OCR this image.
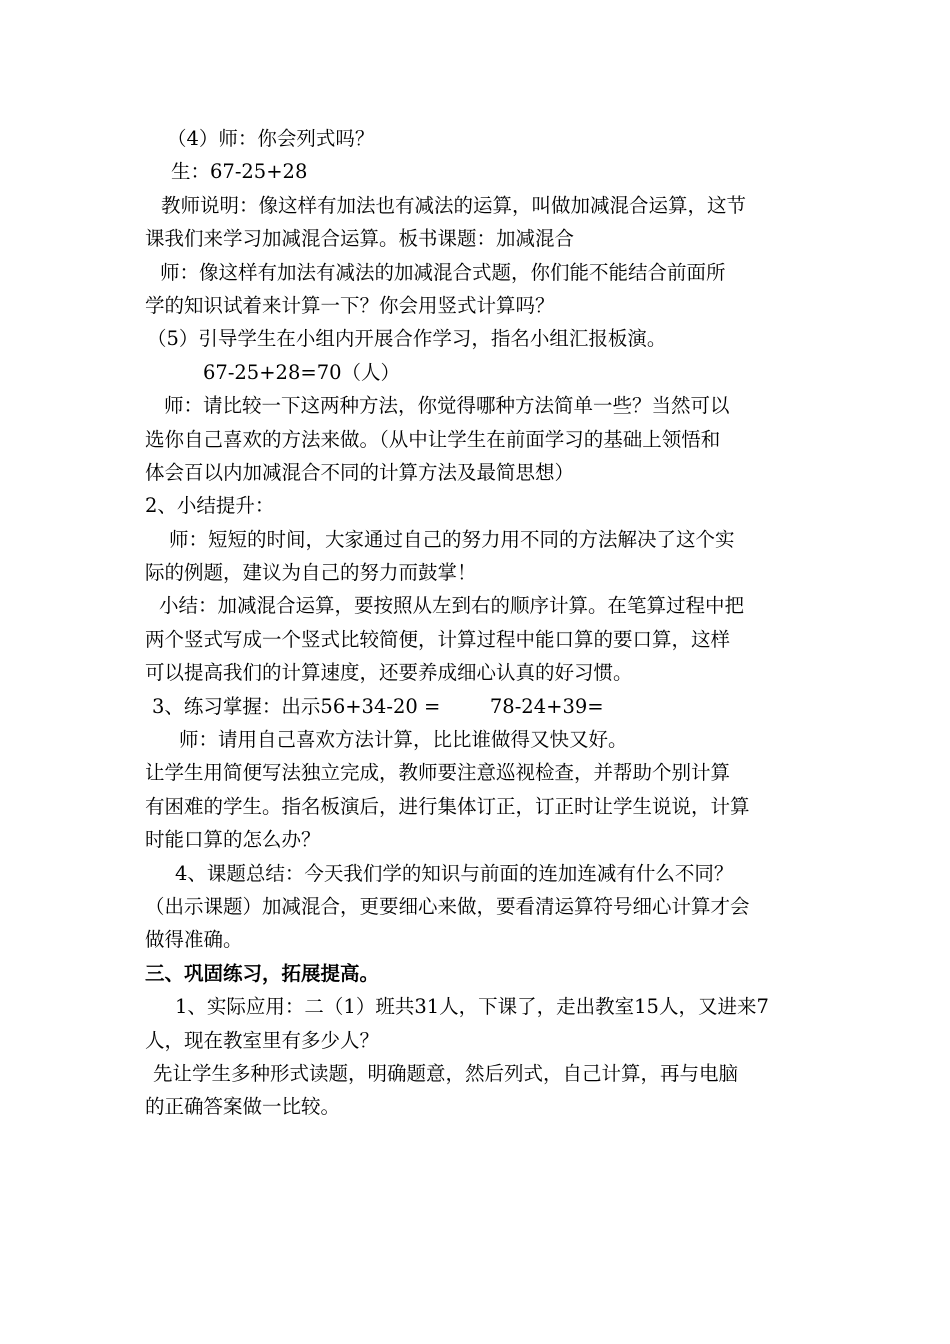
（4）师：你会列式吗？
生：67-25+28
教师说明：像这样有加法也有减法的运算，叫做加减混合运算，这节
课我们来学习加减混合运算。板书课题：加减混合
师：像这样有加法有减法的加减混合式题，你们能不能结合前面所
学的知识试着来计算一下？你会用竖式计算吗？
（5）引导学生在小组内开展合作学习，指名小组汇报板演。
67-25+28=70（人）
师：请比较一下这两种方法，你觉得哪种方法简单一些？当然可以
选你自己喜欢的方法来做。（从中让学生在前面学习的基础上领悟和
体会百以内加减混合不同的计算方法及最简思想）
2、小结提升：
师：短短的时间，大家通过自己的努力用不同的方法解决了这个实
际的例题，建议为自己的努力而鼓掌！
小结：加减混合运算，要按照从左到右的顺序计算。在笔算过程中把
两个竖式写成一个竖式比较简便，计算过程中能口算的要口算，这样
可以提高我们的计算速度，还要养成细心认真的好习惯。
3、练习掌握：出示56+34-20 =        78-24+39=
师：请用自己喜欢方法计算，比比谁做得又快又好。
让学生用简便写法独立完成，教师要注意巡视检查，并帮助个别计算
有困难的学生。指名板演后，进行集体订正，订正时让学生说说，计算
时能口算的怎么办？
4、课题总结：今天我们学的知识与前面的连加连减有什么不同？
（出示课题）加减混合，更要细心来做，要看清运算符号细心计算才会
做得准确。
三、巩固练习，拓展提高。
1、实际应用：二（1）班共31人，下课了，走出教室15人，又进来7
人，现在教室里有多少人？
先让学生多种形式读题，明确题意，然后列式，自己计算，再与电脑
的正确答案做一比较。
